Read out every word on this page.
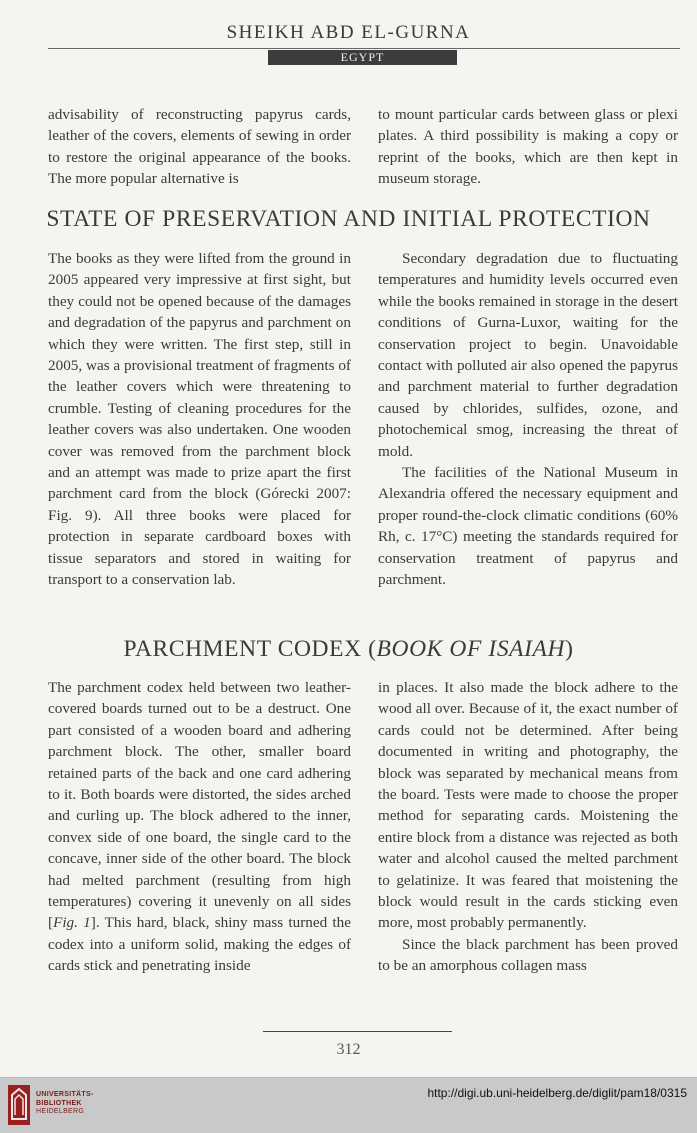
SHEIKH ABD EL-GURNA
EGYPT

advisability of reconstructing papyrus cards, leather of the covers, elements of sewing in order to restore the original appearance of the books. The more popular alternative is

to mount particular cards between glass or plexi plates. A third possibility is making a copy or reprint of the books, which are then kept in museum storage.

STATE OF PRESERVATION AND INITIAL PROTECTION

The books as they were lifted from the ground in 2005 appeared very impressive at first sight, but they could not be opened because of the damages and degradation of the papyrus and parchment on which they were written. The first step, still in 2005, was a provisional treatment of fragments of the leather covers which were threatening to crumble. Testing of cleaning procedures for the leather covers was also undertaken. One wooden cover was removed from the parchment block and an attempt was made to prize apart the first parchment card from the block (Górecki 2007: Fig. 9). All three books were placed for protection in separate cardboard boxes with tissue separators and stored in waiting for transport to a conservation lab.

Secondary degradation due to fluctuating temperatures and humidity levels occurred even while the books remained in storage in the desert conditions of Gurna-Luxor, waiting for the conservation project to begin. Unavoidable contact with polluted air also opened the papyrus and parchment material to further degradation caused by chlorides, sulfides, ozone, and photochemical smog, increasing the threat of mold.

The facilities of the National Museum in Alexandria offered the necessary equipment and proper round-the-clock climatic conditions (60% Rh, c. 17°C) meeting the standards required for conservation treatment of papyrus and parchment.

PARCHMENT CODEX (BOOK OF ISAIAH)

The parchment codex held between two leather-covered boards turned out to be a destruct. One part consisted of a wooden board and adhering parchment block. The other, smaller board retained parts of the back and one card adhering to it. Both boards were distorted, the sides arched and curling up. The block adhered to the inner, convex side of one board, the single card to the concave, inner side of the other board. The block had melted parchment (resulting from high temperatures) covering it unevenly on all sides [Fig. 1]. This hard, black, shiny mass turned the codex into a uniform solid, making the edges of cards stick and penetrating inside

in places. It also made the block adhere to the wood all over. Because of it, the exact number of cards could not be determined. After being documented in writing and photography, the block was separated by mechanical means from the board. Tests were made to choose the proper method for separating cards. Moistening the entire block from a distance was rejected as both water and alcohol caused the melted parchment to gelatinize. It was feared that moistening the block would result in the cards sticking even more, most probably permanently.

Since the black parchment has been proved to be an amorphous collagen mass

312
UNIVERSITÄTS-
BIBLIOTHEK
HEIDELBERG
http://digi.ub.uni-heidelberg.de/diglit/pam18/0315
